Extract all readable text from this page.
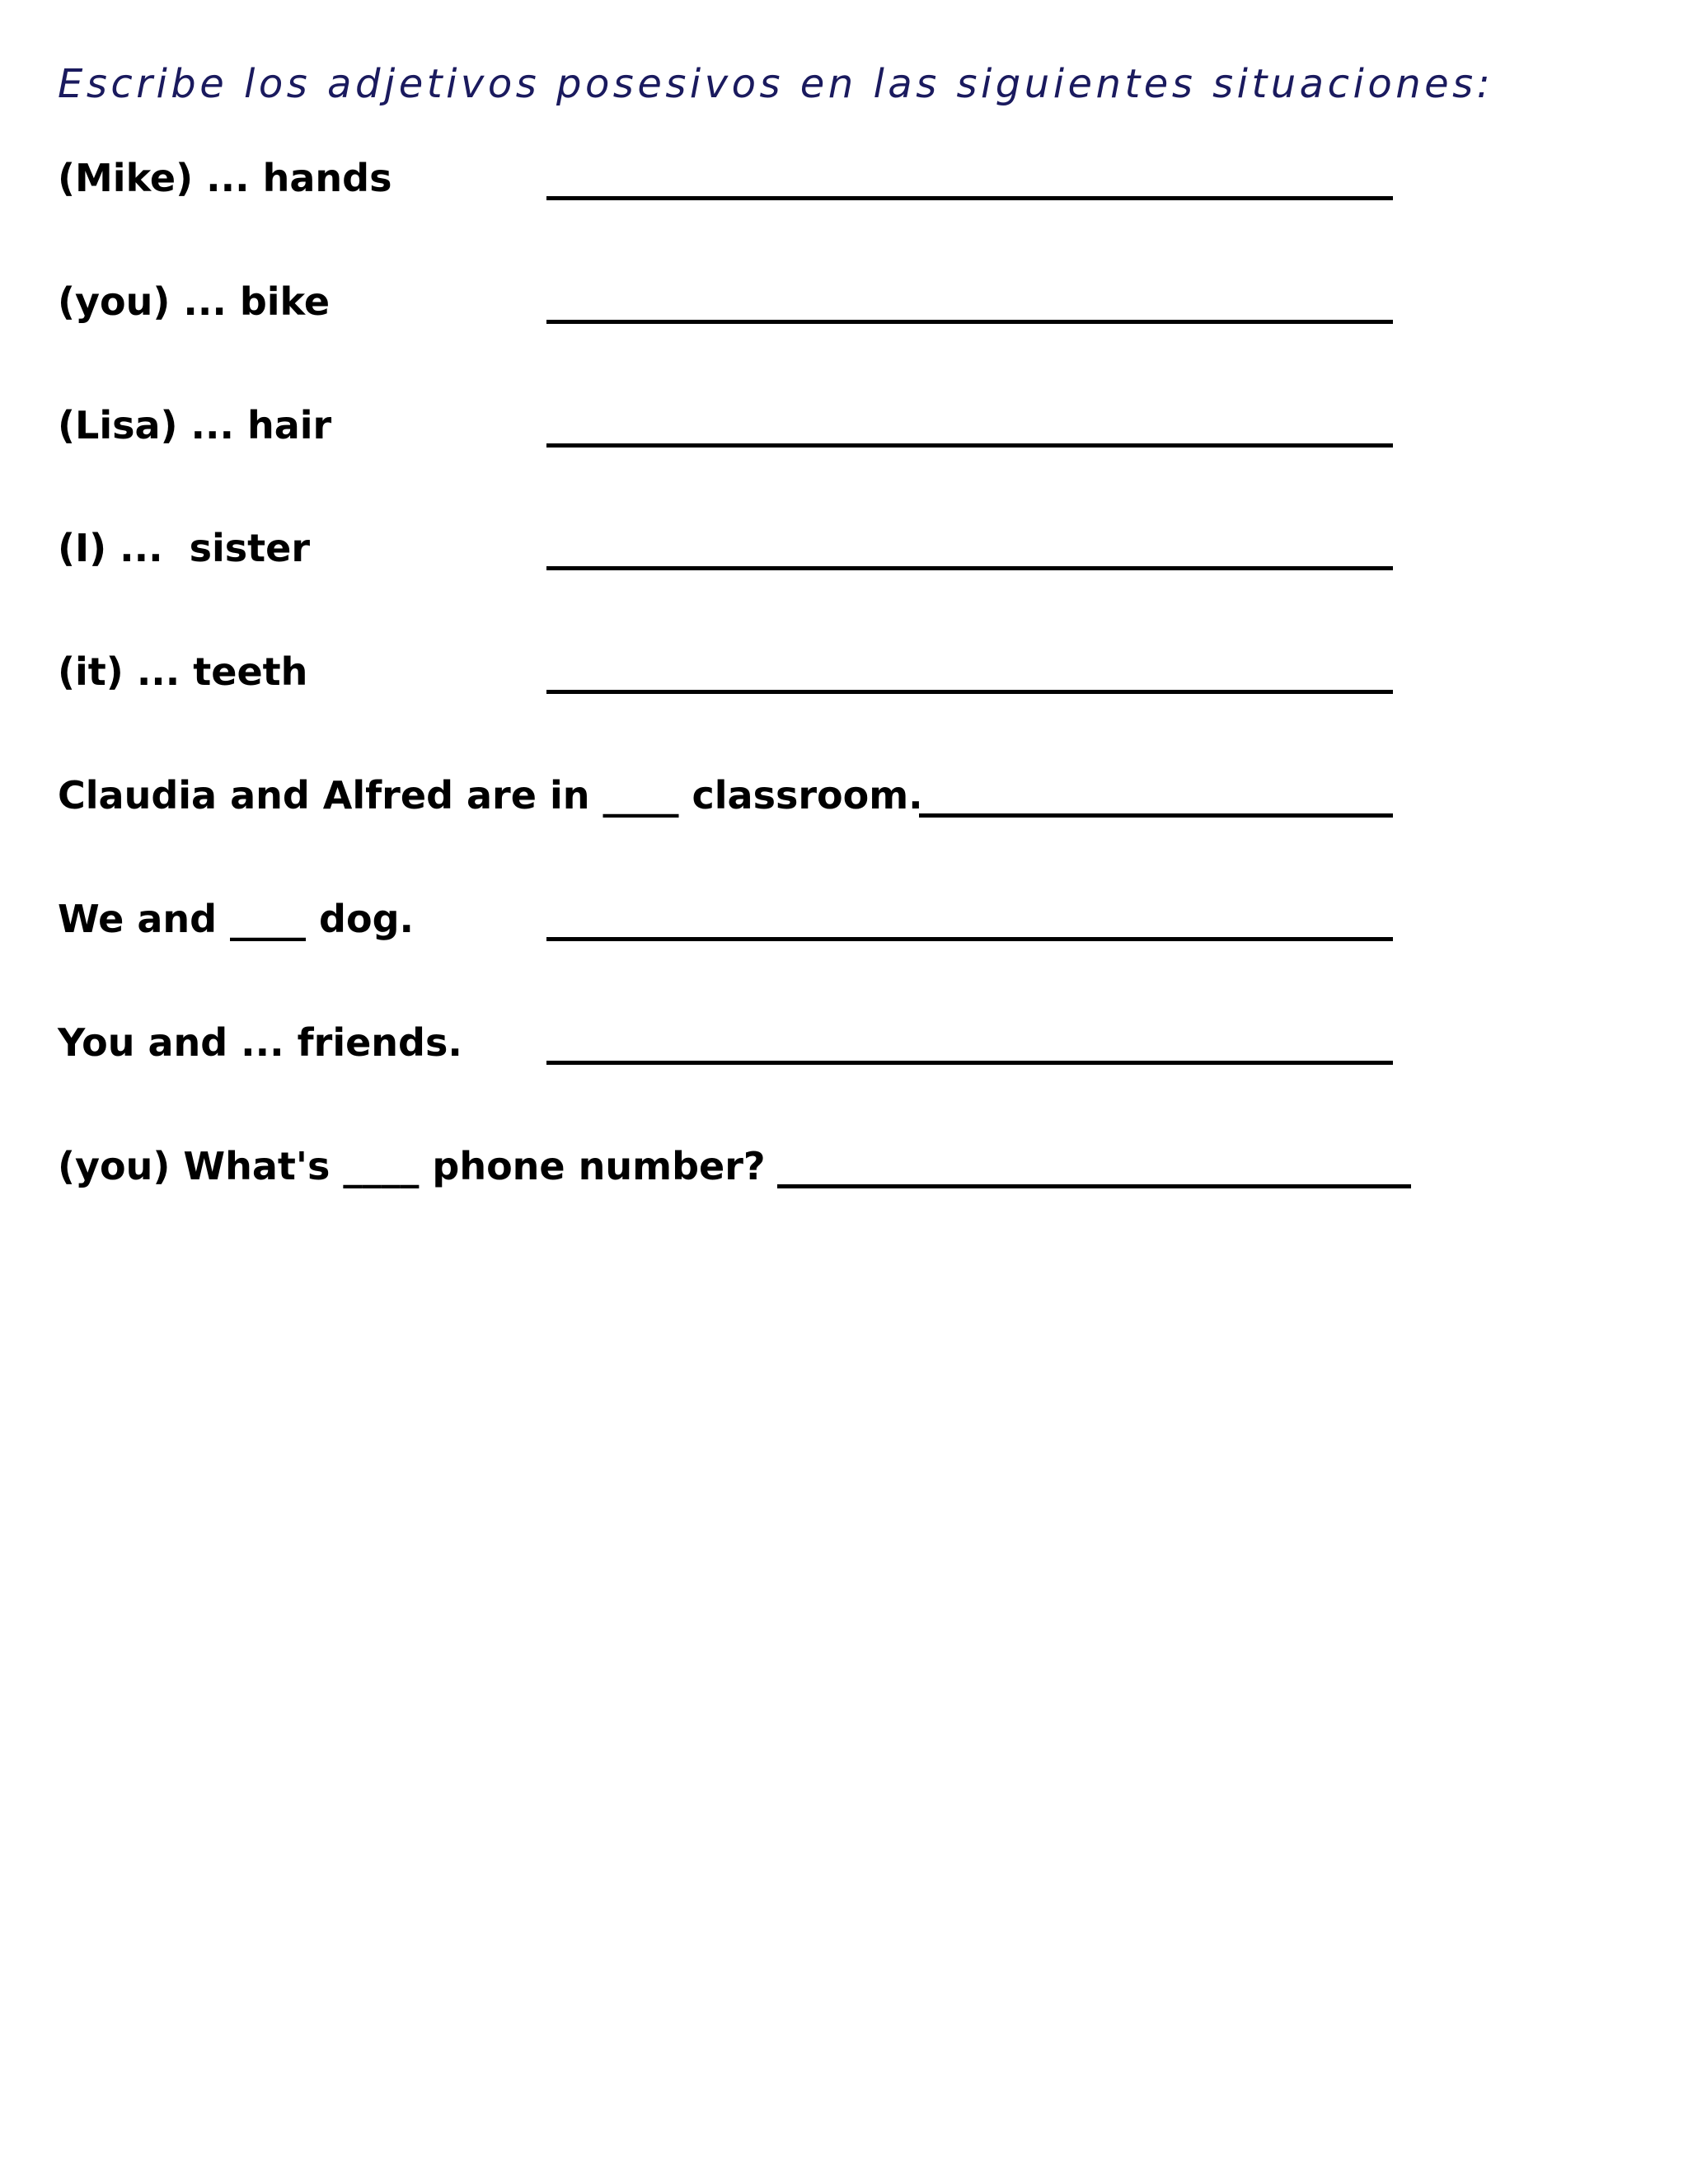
Escribe los adjetivos posesivos en las siguientes situaciones:
(Mike) ... hands
(you) ... bike
(Lisa) ... hair
(I) ...  sister
(it) ... teeth
Claudia and Alfred are in ____ classroom.
We and ____ dog.
You and ... friends.
(you) What's ____ phone number?
